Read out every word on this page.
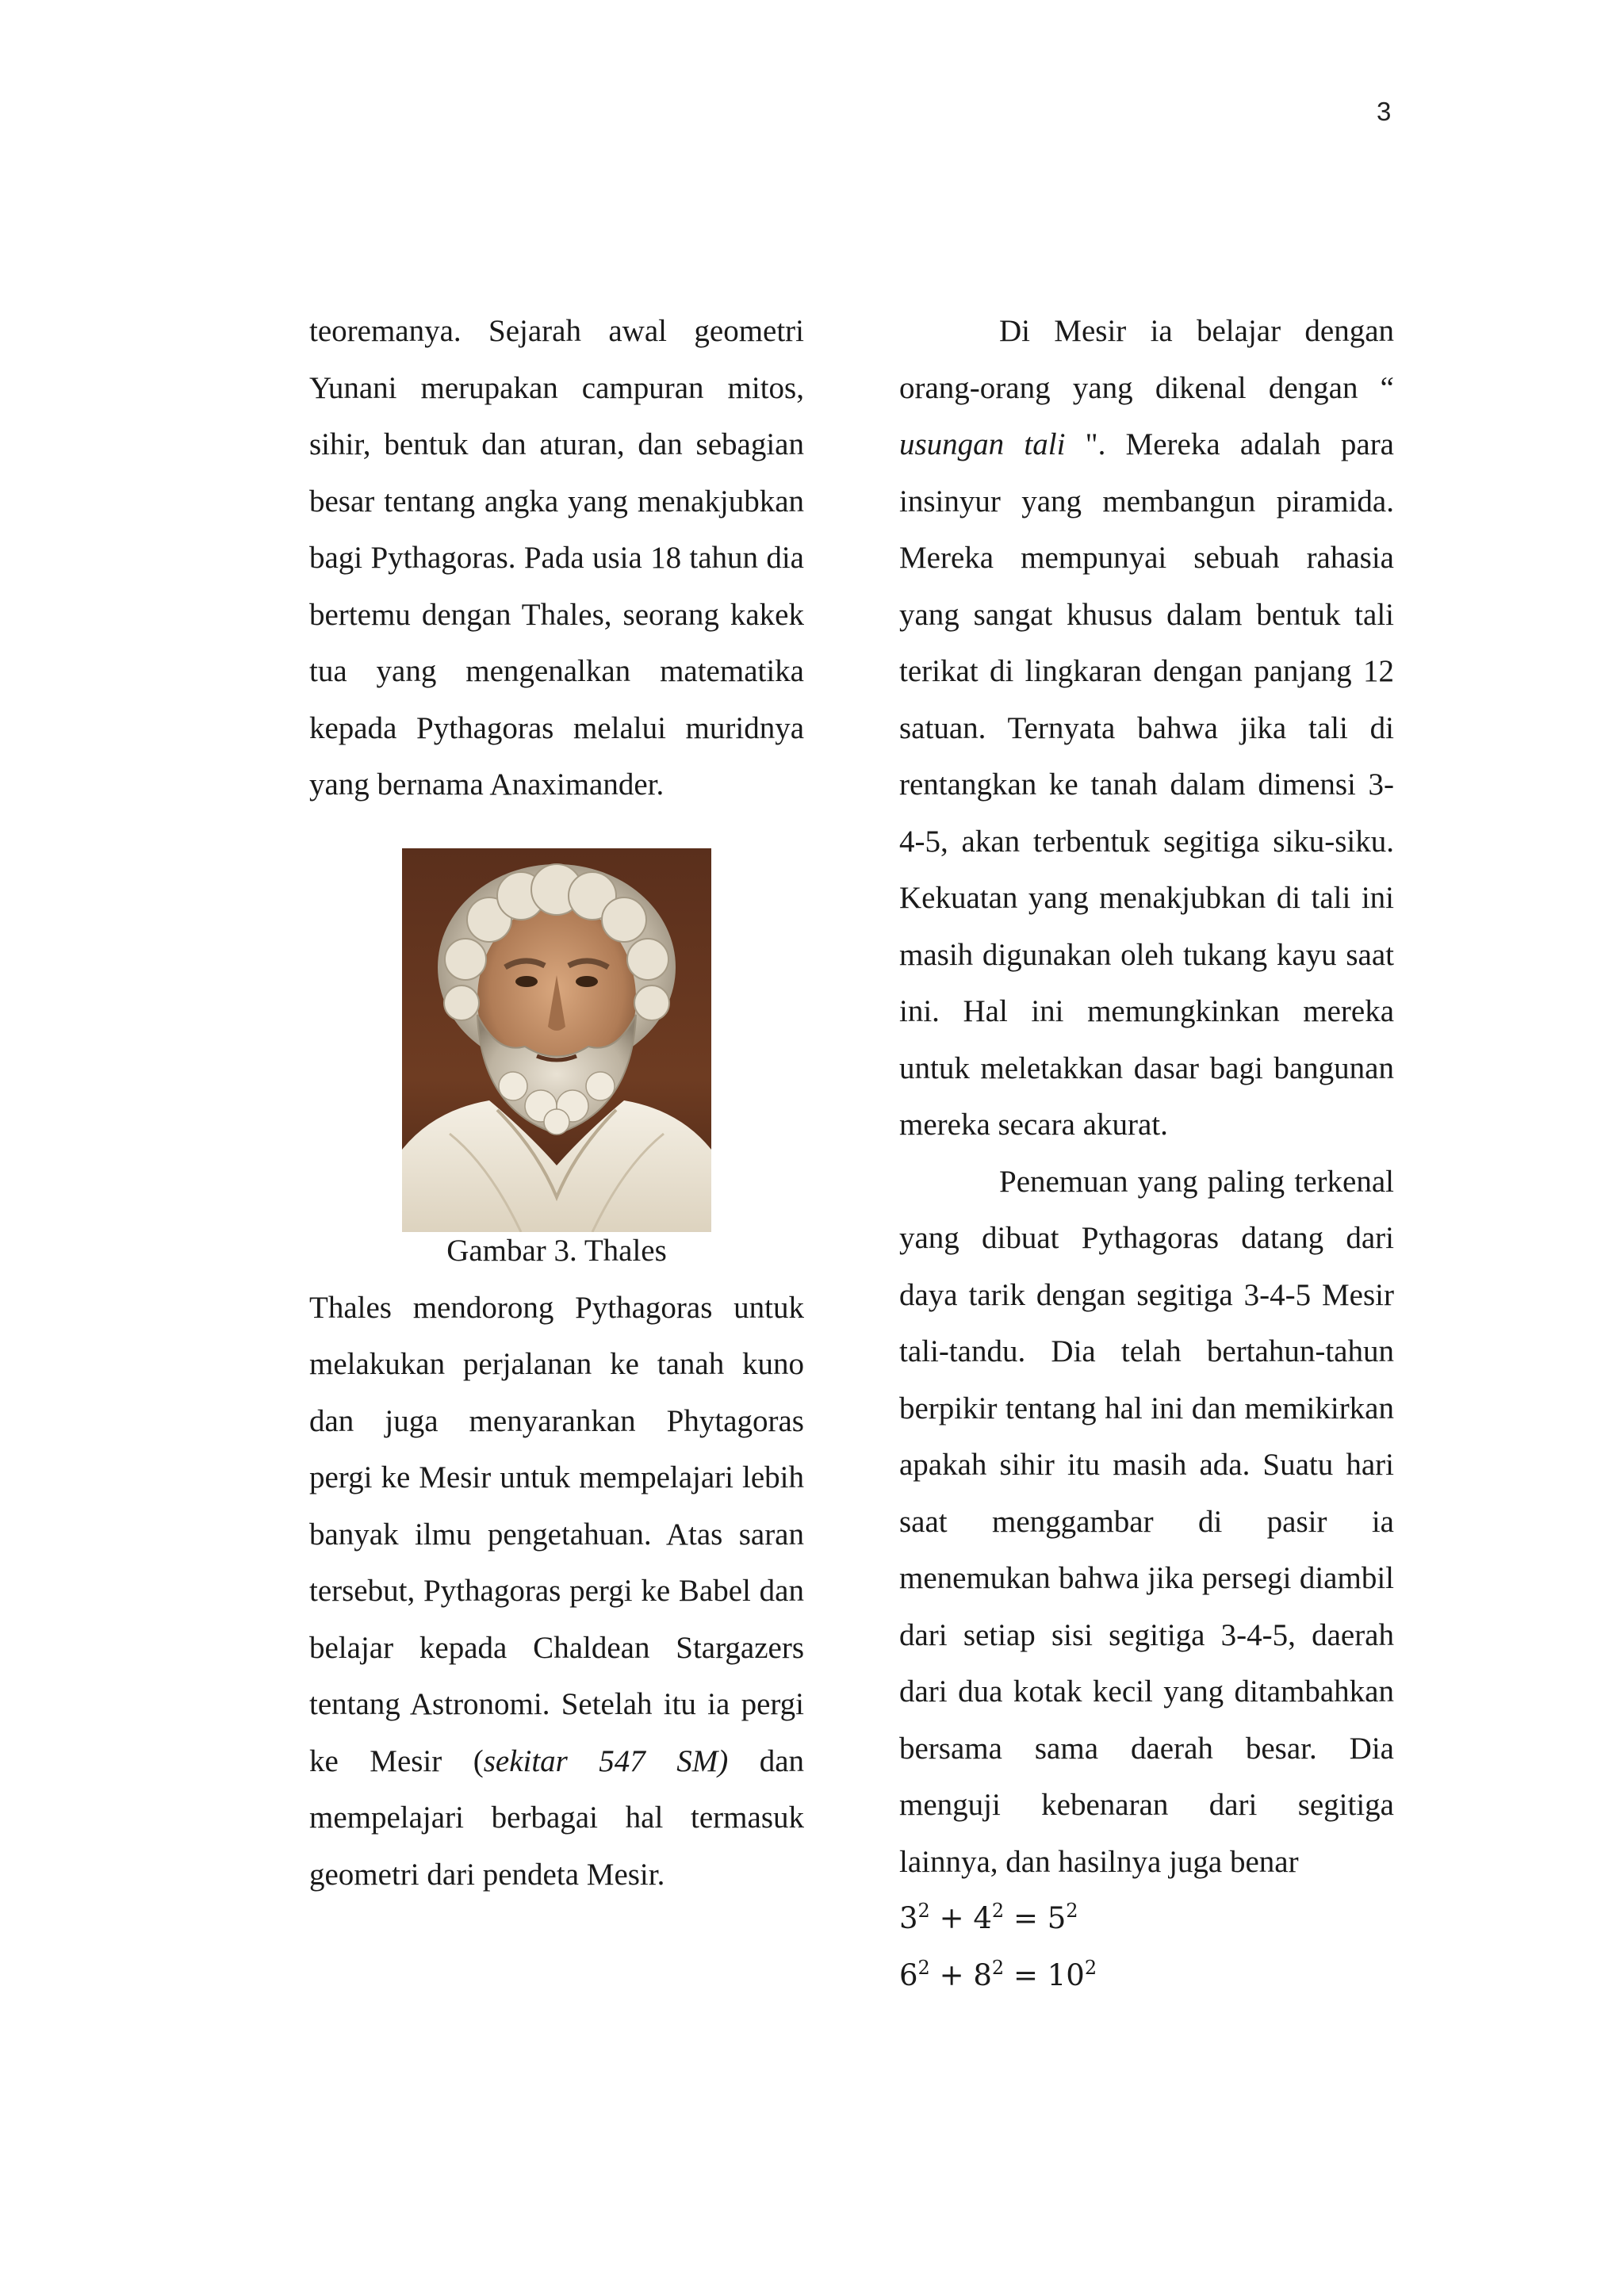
3

teoremanya. Sejarah awal geometri Yunani merupakan campuran mitos, sihir, bentuk dan aturan, dan sebagian besar tentang angka yang menakjubkan bagi Pythagoras. Pada usia 18 tahun dia bertemu dengan Thales, seorang kakek tua yang mengenalkan matematika kepada Pythagoras melalui muridnya yang bernama Anaximander.

Gambar 3. Thales

Thales mendorong Pythagoras untuk melakukan perjalanan ke tanah kuno dan juga menyarankan Phytagoras pergi ke Mesir untuk mempelajari lebih banyak ilmu pengetahuan. Atas saran tersebut, Pythagoras pergi ke Babel dan belajar kepada Chaldean Stargazers tentang Astronomi. Setelah itu ia pergi ke Mesir (sekitar 547 SM) dan mempelajari berbagai hal termasuk geometri dari pendeta Mesir.

Di Mesir ia belajar dengan orang-orang yang dikenal dengan “ usungan tali ". Mereka adalah para insinyur yang membangun piramida. Mereka mempunyai sebuah rahasia yang sangat khusus dalam bentuk tali terikat di lingkaran dengan panjang 12 satuan. Ternyata bahwa jika tali di rentangkan ke tanah dalam dimensi 3-4-5, akan terbentuk segitiga siku-siku. Kekuatan yang menakjubkan di tali ini masih digunakan oleh tukang kayu saat ini. Hal ini memungkinkan mereka untuk meletakkan dasar bagi bangunan mereka secara akurat.

Penemuan yang paling terkenal yang dibuat Pythagoras datang dari daya tarik dengan segitiga 3-4-5 Mesir tali-tandu. Dia telah bertahun-tahun berpikir tentang hal ini dan memikirkan apakah sihir itu masih ada. Suatu hari saat menggambar di pasir ia menemukan bahwa jika persegi diambil dari setiap sisi segitiga 3-4-5, daerah dari dua kotak kecil yang ditambahkan bersama sama daerah besar. Dia menguji kebenaran dari segitiga lainnya, dan hasilnya juga benar

$3^2 + 4^2 = 5^2$
$6^2 + 8^2 = 10^2$
